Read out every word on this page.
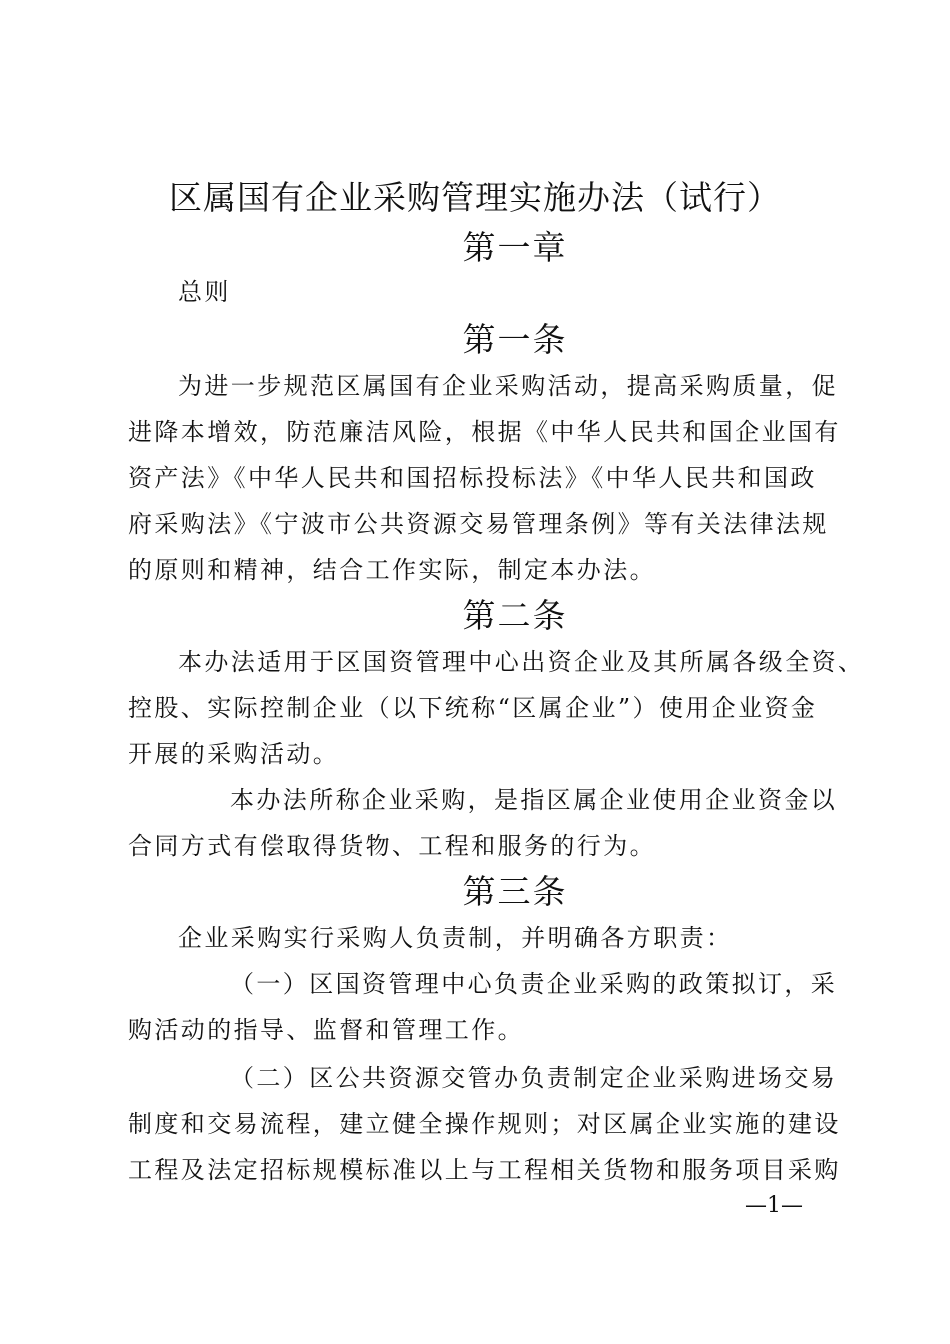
区属国有企业采购管理实施办法（试行）
第一章
总则
第一条
为进一步规范区属国有企业采购活动，提高采购质量，促
进降本增效，防范廉洁风险，根据《中华人民共和国企业国有
资产法》《中华人民共和国招标投标法》《中华人民共和国政
府采购法》《宁波市公共资源交易管理条例》等有关法律法规
的原则和精神，结合工作实际，制定本办法。
第二条
本办法适用于区国资管理中心出资企业及其所属各级全资、
控股、实际控制企业（以下统称“区属企业”）使用企业资金
开展的采购活动。
本办法所称企业采购，是指区属企业使用企业资金以
合同方式有偿取得货物、工程和服务的行为。
第三条
企业采购实行采购人负责制，并明确各方职责：
（一）区国资管理中心负责企业采购的政策拟订，采
购活动的指导、监督和管理工作。
（二）区公共资源交管办负责制定企业采购进场交易
制度和交易流程，建立健全操作规则；对区属企业实施的建设
工程及法定招标规模标准以上与工程相关货物和服务项目采购
—1—
